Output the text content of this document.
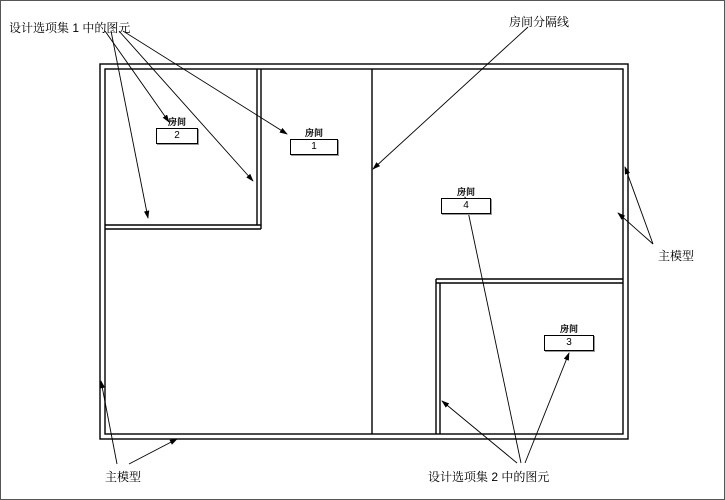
房间
2	房间
1
房间
4
房间
3
设计选项集 1 中的图元	房间分隔线
主模型
主模型	设计选项集 2 中的图元
